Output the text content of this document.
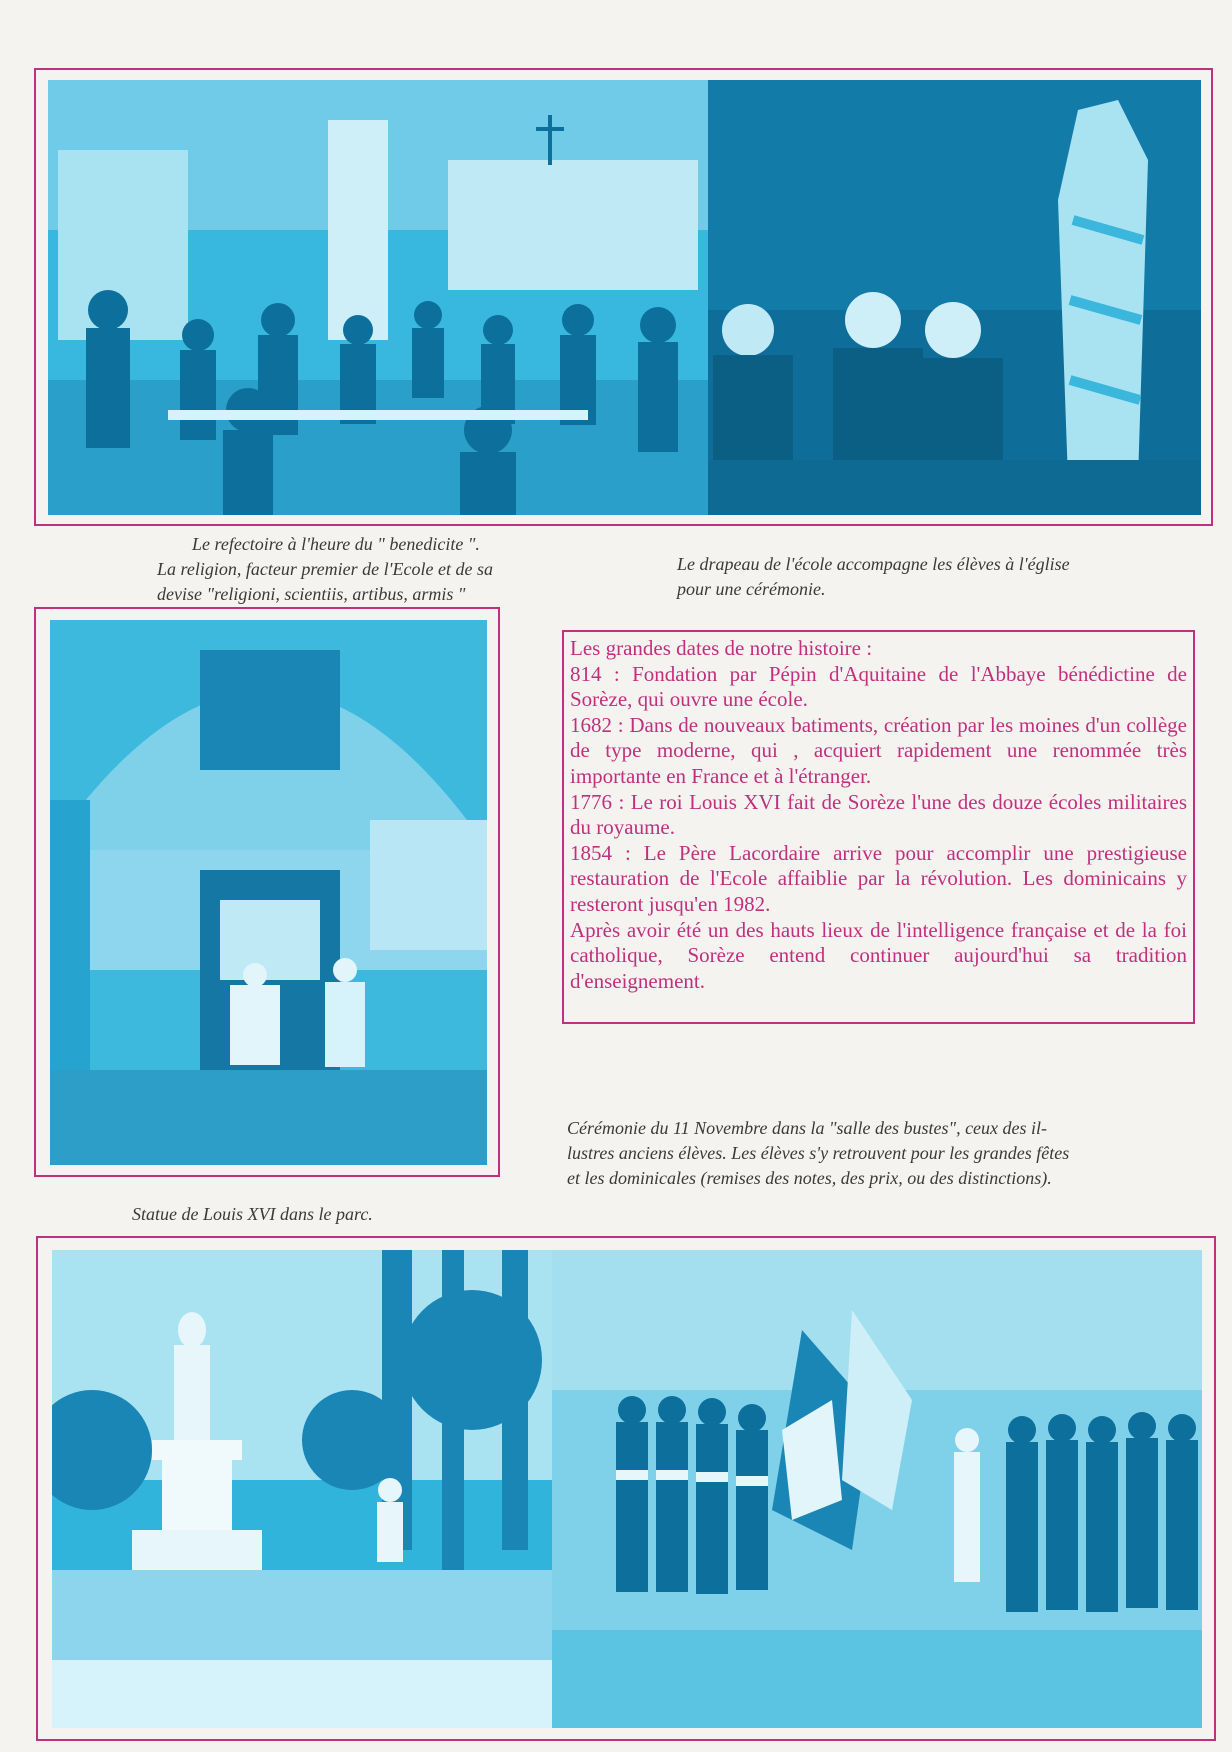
Le refectoire à l'heure du " benedicite ".
La religion, facteur premier de l'Ecole et de sa
devise "religioni, scientiis, artibus, armis "
Le drapeau de l'école accompagne les élèves à l'église
pour une cérémonie.

Les grandes dates de notre histoire :

814 : Fondation par Pépin d'Aquitaine de l'Abbaye bénédictine de Sorèze, qui ouvre une école.

1682 : Dans de nouveaux batiments, création par les moines d'un collège de type moderne, qui , acquiert rapidement une renommée très importante en France et à l'étranger.

1776 : Le roi Louis XVI fait de Sorèze l'une des douze écoles militaires du royaume.

1854 : Le Père Lacordaire arrive pour accomplir une prestigieuse restauration de l'Ecole affaiblie par la révolution. Les dominicains y resteront jusqu'en 1982.

Après avoir été un des hauts lieux de l'intelligence française et de la foi catholique, Sorèze entend continuer aujourd'hui sa tradition d'enseignement.

Cérémonie du 11 Novembre dans la "salle des bustes", ceux des il-
lustres anciens élèves. Les élèves s'y retrouvent pour les grandes fêtes
et les dominicales (remises des notes, des prix, ou des distinctions).
Statue de Louis XVI dans le parc.
